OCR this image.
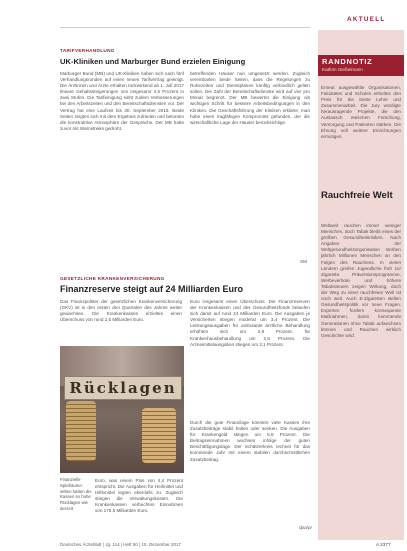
AKTUELL
TARIFVERHANDLUNG
UK-Kliniken und Marburger Bund erzielen Einigung
Marburger Bund (MB) und UK-Kliniken haben sich nach fünf Verhandlungsrunden auf einen neuen Tarifvertrag geeinigt. Die Ärztinnen und Ärzte erhalten rückwirkend ab 1. Juli 2017 lineare Gehaltssteigerungen von insgesamt 4,5 Prozent in zwei Stufen. Die Tarifeinigung sieht zudem Verbesserungen bei den Arbeitszeiten und den Bereitschaftsdiensten vor. Der Vertrag hat eine Laufzeit bis 30. September 2019. Beide Seiten zeigten sich mit dem Ergebnis zufrieden und betonten die konstruktive Atmosphäre der Gespräche. Der MB hatte zuvor mit Warnstreiks gedroht.
betreffenden Häuser nun umgesetzt werden. Zugleich vereinbarten beide Seiten, dass die Regelungen zu Ruhezeiten und Dienstplänen künftig verbindlich gelten sollen. Die Zahl der Bereitschaftsdienste wird auf vier pro Monat begrenzt. Der MB bewertet die Einigung als wichtigen Schritt für bessere Arbeitsbedingungen in den Kliniken. Die Geschäftsführung der Kliniken erklärte, man habe einen tragfähigen Kompromiss gefunden, der die wirtschaftliche Lage der Häuser berücksichtige.
SM
GESETZLICHE KRANKENVERSICHERUNG
Finanzreserve steigt auf 24 Milliarden Euro
Das Finanzpolster der gesetzlichen Krankenversicherung (GKV) ist in den ersten drei Quartalen des Jahres weiter gewachsen. Die Krankenkassen erzielten einen Überschuss von rund 2,5 Milliarden Euro.
Euro insgesamt einen Überschuss. Die Finanzreserven der Krankenkassen und des Gesundheitsfonds belaufen sich damit auf rund 24 Milliarden Euro. Die Ausgaben je Versicherten stiegen moderat um 3,4 Prozent. Die Leistungsausgaben für ambulante ärztliche Behandlung erhöhten sich um 2,9 Prozent, für Krankenhausbehandlung um 2,6 Prozent. Die Arzneimittelausgaben stiegen um 3,1 Prozent.
Durch die gute Finanzlage könnten viele Kassen ihre Zusatzbeiträge stabil halten oder senken. Die Ausgaben für Krankengeld stiegen um 5,8 Prozent. Die Beitragseinnahmen wuchsen infolge der guten Beschäftigungslage. Der Schätzerkreis rechnet für das kommende Jahr mit einem stabilen durchschnittlichen Zusatzbeitrag.
Euro, was einem Plus von 4,4 Prozent entspricht. Die Ausgaben für Heilmittel und Hilfsmittel legten ebenfalls zu. Zugleich stiegen die Verwaltungskosten. Die Krankenkassen verbuchten Einnahmen von 175,5 Milliarden Euro.
dpa/pr
Rücklagen
Finanzielle Spielräume: selten hatten die Kassen so hohe Rücklagen wie derzeit
RANDNOTIZ
Kathrin Gießelmann
Erneut ausgewählte Organisationen, Fakultäten und Schulen erhielten den Preis für die beste Lehre und Zusammenarbeit. Die Jury würdigte herausragende Projekte, die den Austausch zwischen Forschung, Versorgung und Patienten stärken. Die Ehrung soll weitere Einrichtungen ermutigen.
Rauchfreie Welt
Weltweit rauchen immer weniger Menschen, doch Tabak bleibt eines der größten Gesundheitsrisiken. Nach Angaben der Weltgesundheitsorganisation sterben jährlich Millionen Menschen an den Folgen des Rauchens. In vielen Ländern greifen Jugendliche früh zur Zigarette. Präventionsprogramme, Werbeverbote und höhere Tabaksteuern zeigen Wirkung, doch der Weg zu einer rauchfreien Welt ist noch weit. Auch E-Zigaretten stellen Gesundheitspolitik vor neue Fragen. Experten fordern konsequente Maßnahmen, damit kommende Generationen ohne Tabak aufwachsen können und Rauchen wirklich Geschichte wird.
Deutsches Ärzteblatt | Jg. 114 | Heft 50 | 15. Dezember 2017	A 2377
